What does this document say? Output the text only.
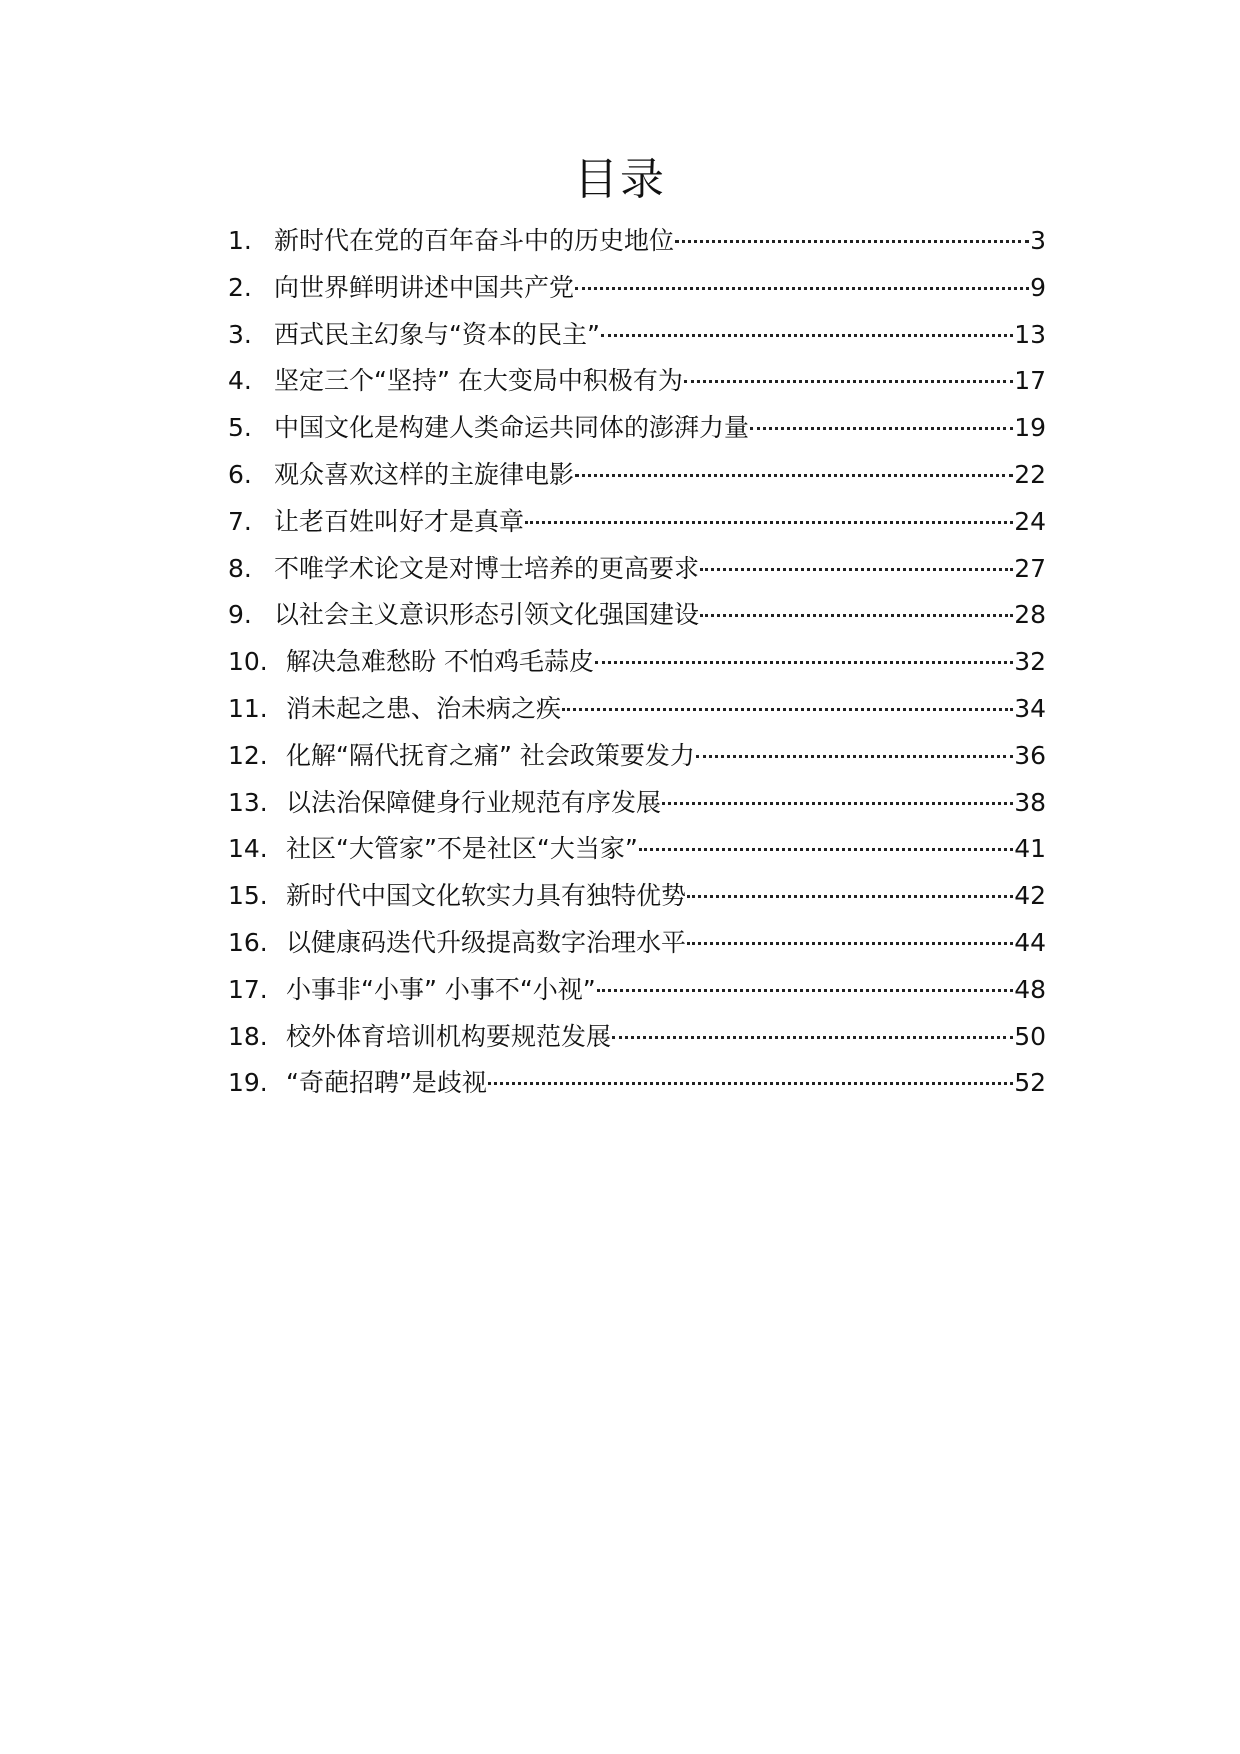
目录
1. 新时代在党的百年奋斗中的历史地位	3
2. 向世界鲜明讲述中国共产党	9
3. 西式民主幻象与“资本的民主”	13
4. 坚定三个“坚持” 在大变局中积极有为	17
5. 中国文化是构建人类命运共同体的澎湃力量	19
6. 观众喜欢这样的主旋律电影	22
7. 让老百姓叫好才是真章	24
8. 不唯学术论文是对博士培养的更高要求	27
9. 以社会主义意识形态引领文化强国建设	28
10. 解决急难愁盼 不怕鸡毛蒜皮	32
11. 消未起之患、治未病之疾	34
12. 化解“隔代抚育之痛” 社会政策要发力	36
13. 以法治保障健身行业规范有序发展	38
14. 社区“大管家”不是社区“大当家”	41
15. 新时代中国文化软实力具有独特优势	42
16. 以健康码迭代升级提高数字治理水平	44
17. 小事非“小事” 小事不“小视”	48
18. 校外体育培训机构要规范发展	50
19. “奇葩招聘”是歧视	52
